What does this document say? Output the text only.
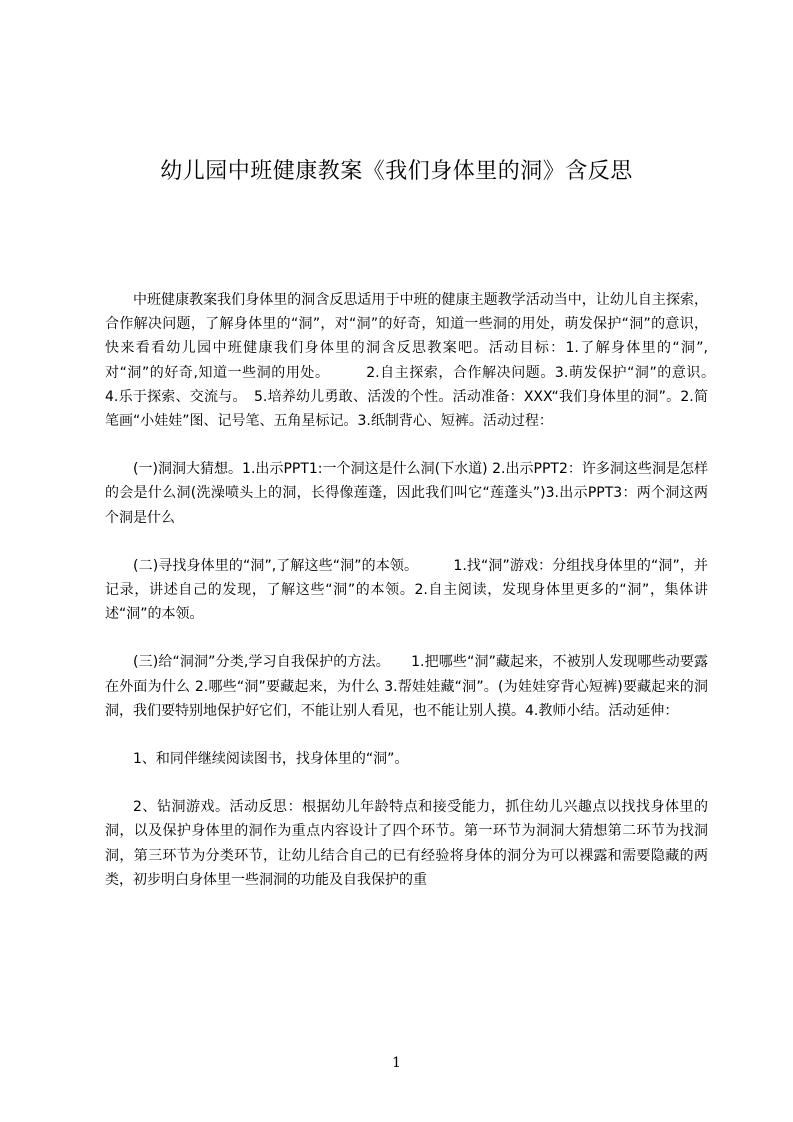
幼儿园中班健康教案《我们身体里的洞》含反思

中班健康教案我们身体里的洞含反思适用于中班的健康主题教学活动当中，让幼儿自主探索，合作解决问题，了解身体里的“洞”，对“洞”的好奇，知道一些洞的用处，萌发保护“洞”的意识，快来看看幼儿园中班健康我们身体里的洞含反思教案吧。活动目标：1.了解身体里的“洞”,对“洞”的好奇,知道一些洞的用处。　　　2.自主探索，合作解决问题。3.萌发保护“洞”的意识。　4.乐于探索、交流与。　5.培养幼儿勇敢、活泼的个性。活动准备：XXX“我们身体里的洞”。2.简笔画“小娃娃”图、记号笔、五角星标记。3.纸制背心、短裤。活动过程：

(一)洞洞大猜想。1.出示PPT1:一个洞这是什么洞(下水道) 2.出示PPT2：许多洞这些洞是怎样的会是什么洞(洗澡喷头上的洞，长得像莲蓬，因此我们叫它“莲蓬头”)3.出示PPT3：两个洞这两个洞是什么

(二)寻找身体里的“洞”,了解这些“洞”的本领。　　　1.找“洞”游戏：分组找身体里的“洞”，并记录，讲述自己的发现，了解这些“洞”的本领。2.自主阅读，发现身体里更多的“洞”，集体讲述“洞”的本领。

(三)给“洞洞”分类,学习自我保护的方法。　　1.把哪些“洞”藏起来，不被别人发现哪些动要露在外面为什么 2.哪些“洞”要藏起来，为什么 3.帮娃娃藏“洞”。(为娃娃穿背心短裤)要藏起来的洞洞，我们要特别地保护好它们，不能让别人看见，也不能让别人摸。4.教师小结。活动延伸：

1、和同伴继续阅读图书，找身体里的“洞”。

2、钻洞游戏。活动反思：根据幼儿年龄特点和接受能力，抓住幼儿兴趣点以找找身体里的洞，以及保护身体里的洞作为重点内容设计了四个环节。第一环节为洞洞大猜想第二环节为找洞洞，第三环节为分类环节，让幼儿结合自己的已有经验将身体的洞分为可以裸露和需要隐藏的两类，初步明白身体里一些洞洞的功能及自我保护的重

1
